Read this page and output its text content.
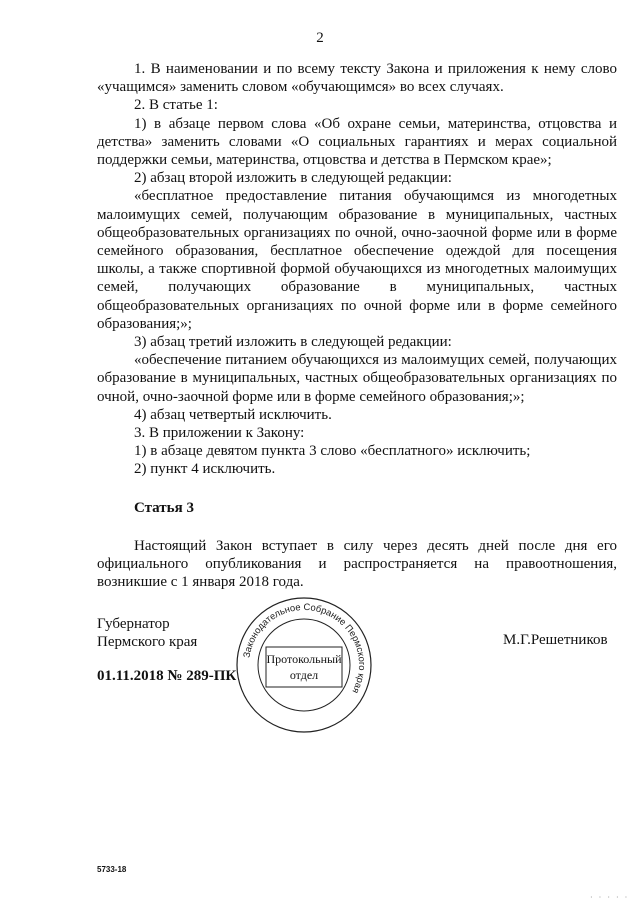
2

1. В наименовании и по всему тексту Закона и приложения к нему слово «учащимся» заменить словом «обучающимся» во всех случаях.

2. В статье 1:

1) в абзаце первом слова «Об охране семьи, материнства, отцовства и детства» заменить словами «О социальных гарантиях и мерах социальной поддержки семьи, материнства, отцовства и детства в Пермском крае»;

2) абзац второй изложить в следующей редакции:

«бесплатное предоставление питания обучающимся из многодетных малоимущих семей, получающим образование в муниципальных, частных общеобразовательных организациях по очной, очно-заочной форме или в форме семейного образования, бесплатное обеспечение одеждой для посещения школы, а также спортивной формой обучающихся из многодетных малоимущих семей, получающих образование в муниципальных, частных общеобразовательных организациях по очной форме или в форме семейного образования;»;

3) абзац третий изложить в следующей редакции:

«обеспечение питанием обучающихся из малоимущих семей, получающих образование в муниципальных, частных общеобразовательных организациях по очной, очно-заочной форме или в форме семейного образования;»;

4) абзац четвертый исключить.

3. В приложении к Закону:

1) в абзаце девятом пункта 3 слово «бесплатного» исключить;

2) пункт 4 исключить.

Статья 3

Настоящий Закон вступает в силу через десять дней после дня его официального опубликования и распространяется на правоотношения, возникшие с 1 января 2018 года.

Губернатор
Пермского края	М.Г.Решетников
01.11.2018 № 289-ПК
Законодательное Собрание Пермского края
Протокольный
отдел
5733-18
· · · · ·
